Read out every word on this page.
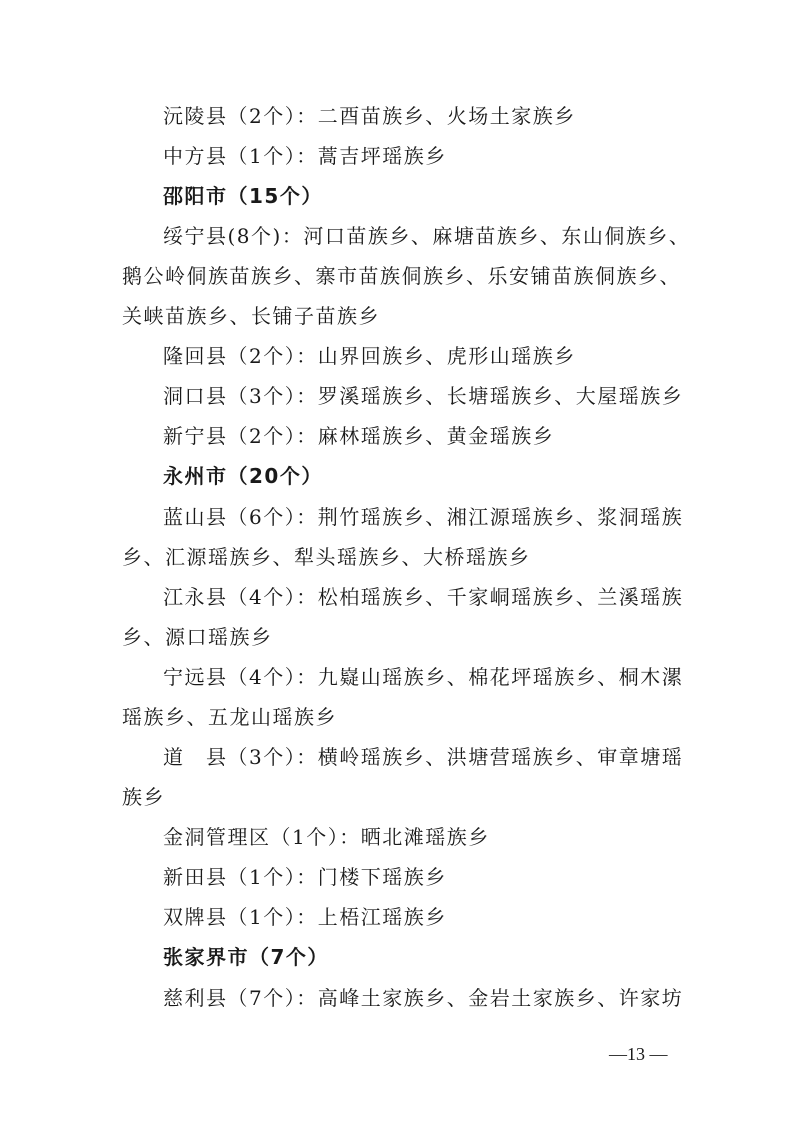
沅陵县（2个）：二酉苗族乡、火场土家族乡
中方县（1个）：蒿吉坪瑶族乡
邵阳市（15个）
绥宁县(8个)：河口苗族乡、麻塘苗族乡、东山侗族乡、
鹅公岭侗族苗族乡、寨市苗族侗族乡、乐安铺苗族侗族乡、
关峡苗族乡、长铺子苗族乡
隆回县（2个）：山界回族乡、虎形山瑶族乡
洞口县（3个）：罗溪瑶族乡、长塘瑶族乡、大屋瑶族乡
新宁县（2个）：麻林瑶族乡、黄金瑶族乡
永州市（20个）
蓝山县（6个）：荆竹瑶族乡、湘江源瑶族乡、浆洞瑶族
乡、汇源瑶族乡、犁头瑶族乡、大桥瑶族乡
江永县（4个）：松柏瑶族乡、千家峒瑶族乡、兰溪瑶族
乡、源口瑶族乡
宁远县（4个）：九嶷山瑶族乡、棉花坪瑶族乡、桐木漯
瑶族乡、五龙山瑶族乡
道　县（3个）：横岭瑶族乡、洪塘营瑶族乡、审章塘瑶
族乡
金洞管理区（1个）：晒北滩瑶族乡
新田县（1个）：门楼下瑶族乡
双牌县（1个）：上梧江瑶族乡
张家界市（7个）
慈利县（7个）：高峰土家族乡、金岩土家族乡、许家坊
—13 —
